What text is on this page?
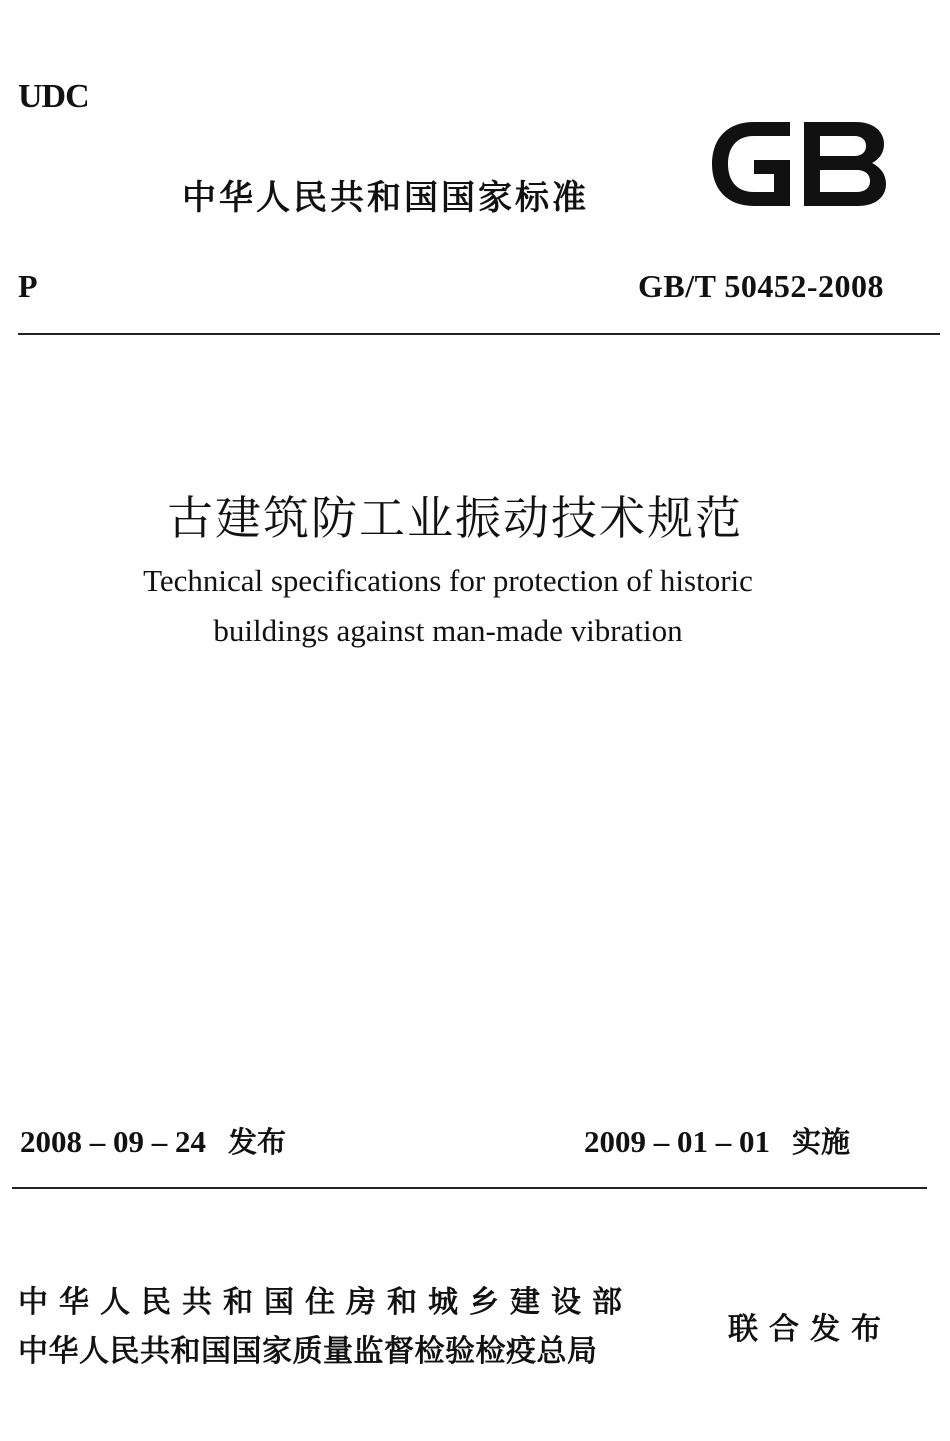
UDC
中华人民共和国国家标准
P	GB/T 50452-2008
古建筑防工业振动技术规范
Technical specifications for protection of historic
buildings against man-made vibration
2008 – 09 – 24 发布	2009 – 01 – 01 实施
中华人民共和国住房和城乡建设部
中华人民共和国国家质量监督检验检疫总局
联合发布
